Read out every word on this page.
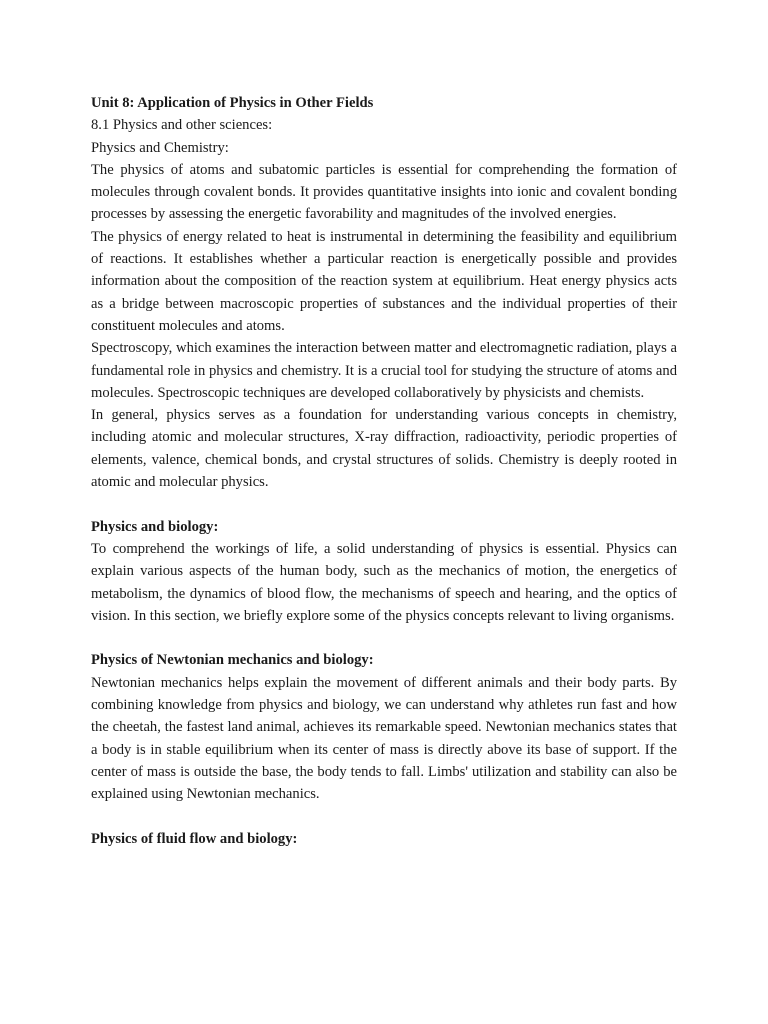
Unit 8: Application of Physics in Other Fields

8.1 Physics and other sciences:

Physics and Chemistry:

The physics of atoms and subatomic particles is essential for comprehending the formation of molecules through covalent bonds. It provides quantitative insights into ionic and covalent bonding processes by assessing the energetic favorability and magnitudes of the involved energies.

The physics of energy related to heat is instrumental in determining the feasibility and equilibrium of reactions. It establishes whether a particular reaction is energetically possible and provides information about the composition of the reaction system at equilibrium. Heat energy physics acts as a bridge between macroscopic properties of substances and the individual properties of their constituent molecules and atoms.

Spectroscopy, which examines the interaction between matter and electromagnetic radiation, plays a fundamental role in physics and chemistry. It is a crucial tool for studying the structure of atoms and molecules. Spectroscopic techniques are developed collaboratively by physicists and chemists.

In general, physics serves as a foundation for understanding various concepts in chemistry, including atomic and molecular structures, X-ray diffraction, radioactivity, periodic properties of elements, valence, chemical bonds, and crystal structures of solids. Chemistry is deeply rooted in atomic and molecular physics.

Physics and biology:

To comprehend the workings of life, a solid understanding of physics is essential. Physics can explain various aspects of the human body, such as the mechanics of motion, the energetics of metabolism, the dynamics of blood flow, the mechanisms of speech and hearing, and the optics of vision. In this section, we briefly explore some of the physics concepts relevant to living organisms.

Physics of Newtonian mechanics and biology:

Newtonian mechanics helps explain the movement of different animals and their body parts. By combining knowledge from physics and biology, we can understand why athletes run fast and how the cheetah, the fastest land animal, achieves its remarkable speed. Newtonian mechanics states that a body is in stable equilibrium when its center of mass is directly above its base of support. If the center of mass is outside the base, the body tends to fall. Limbs' utilization and stability can also be explained using Newtonian mechanics.

Physics of fluid flow and biology:
